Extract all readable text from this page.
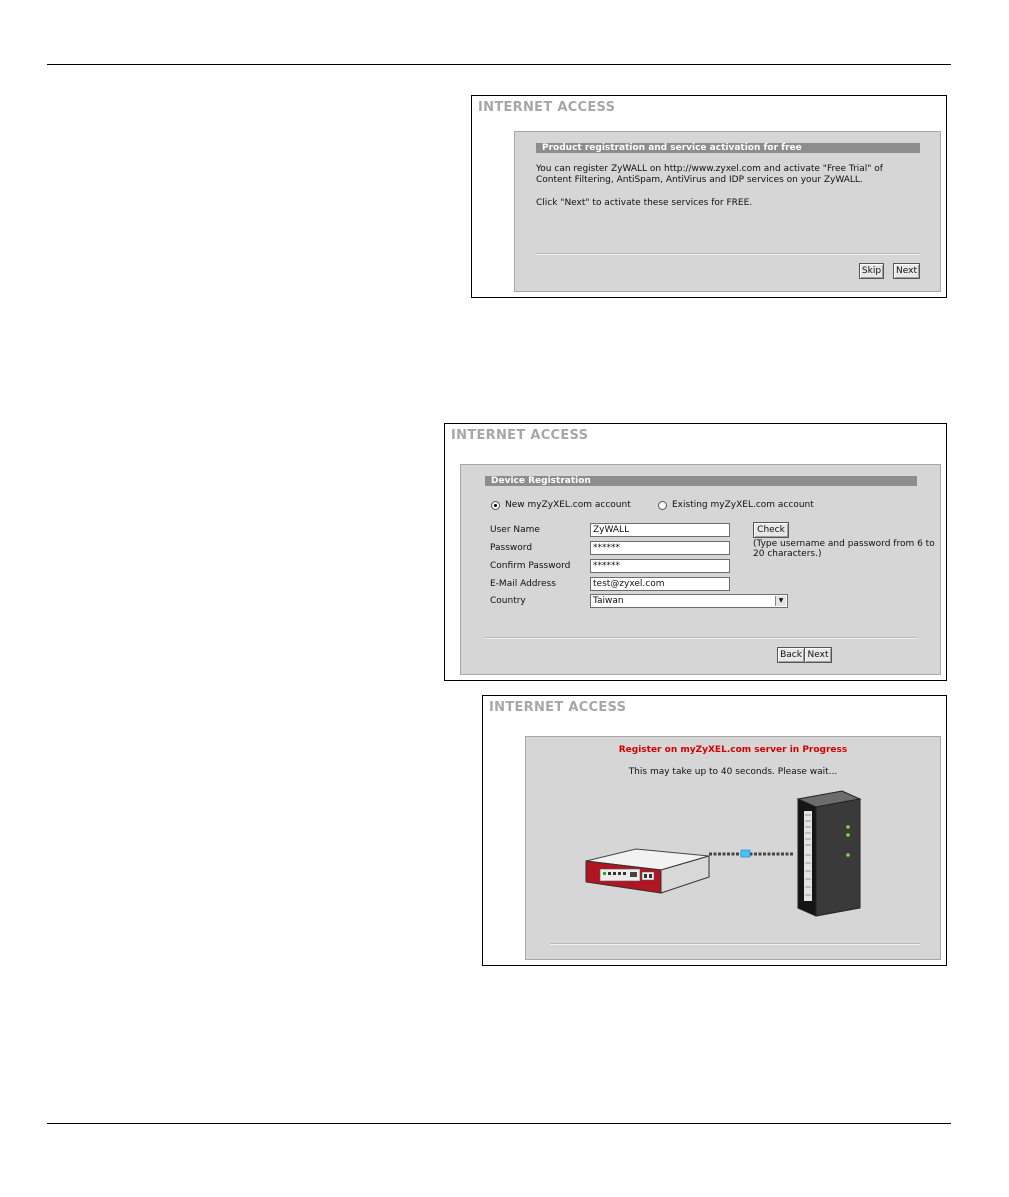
INTERNET ACCESS
Product registration and service activation for free
You can register ZyWALL on http://www.zyxel.com and activate "Free Trial" of
Content Filtering, AntiSpam, AntiVirus and IDP services on your ZyWALL.
Click "Next" to activate these services for FREE.
Skip	Next
INTERNET ACCESS
Device Registration
New myZyXEL.com account	Existing myZyXEL.com account
User Name	ZyWALL
Password	******
Confirm Password	******
E-Mail Address	test@zyxel.com
Country	Taiwan	▼
Check
(Type username and password from 6 to
20 characters.)
Back Next
INTERNET ACCESS
Register on myZyXEL.com server in Progress
This may take up to 40 seconds. Please wait...
